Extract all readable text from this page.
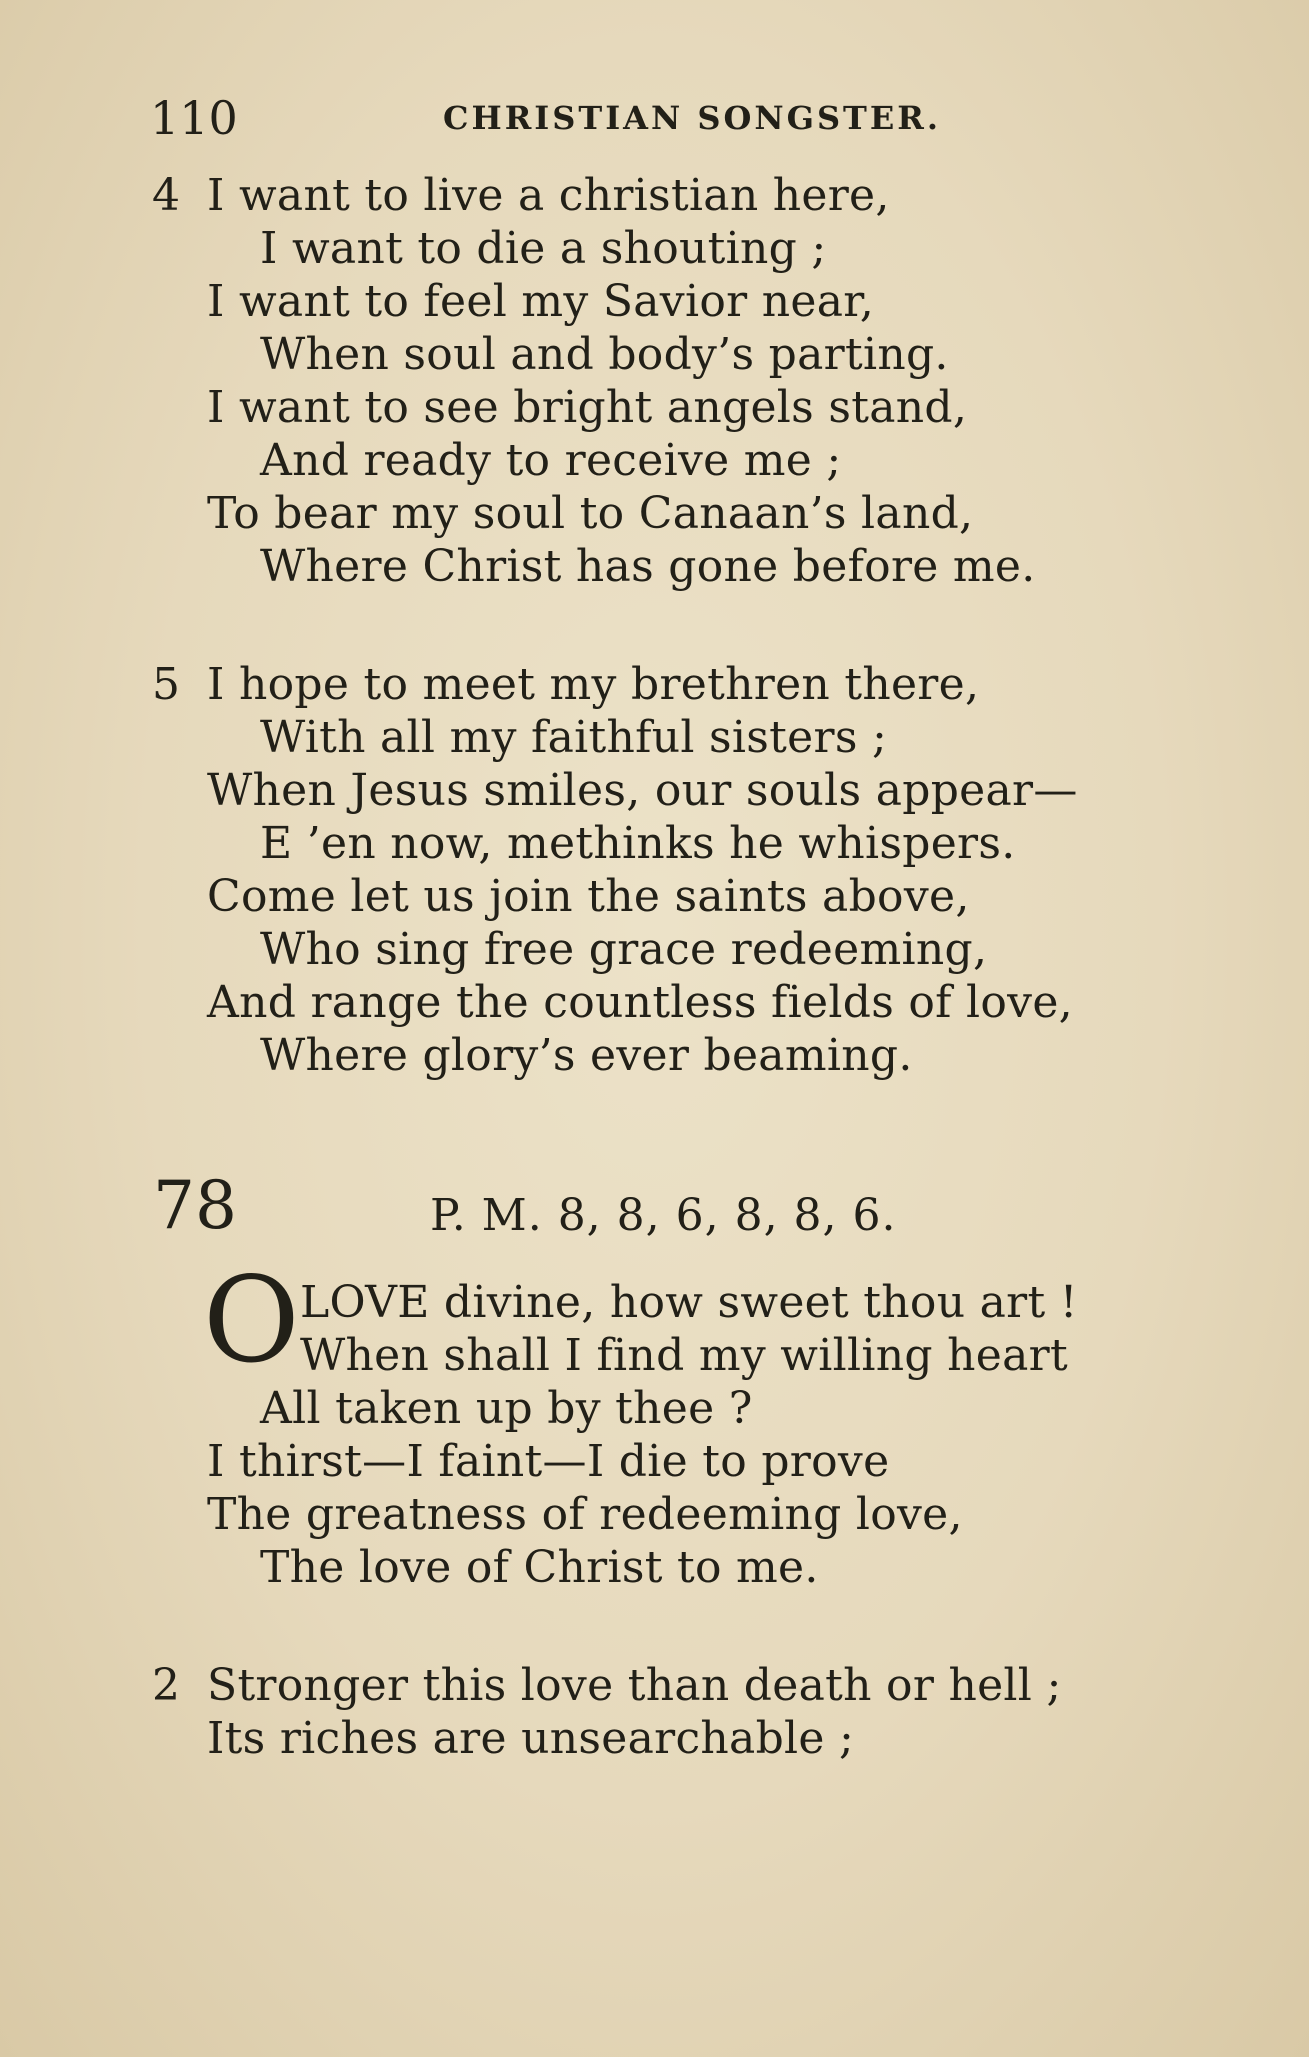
110	CHRISTIAN SONGSTER.
4 I want to live a christian here,
I want to die a shouting ;
I want to feel my Savior near,
When soul and body’s parting.
I want to see bright angels stand,
And ready to receive me ;
To bear my soul to Canaan’s land,
Where Christ has gone before me.
5 I hope to meet my brethren there,
With all my faithful sisters ;
When Jesus smiles, our souls appear—
E ’en now, methinks he whispers.
Come let us join the saints above,
Who sing free grace redeeming,
And range the countless fields of love,
Where glory’s ever beaming.
78	P. M. 8, 8, 6, 8, 8, 6.
O LOVE divine, how sweet thou art !
When shall I find my willing heart
All taken up by thee ?
I thirst—I faint—I die to prove
The greatness of redeeming love,
The love of Christ to me.
2 Stronger this love than death or hell ;
Its riches are unsearchable ;
